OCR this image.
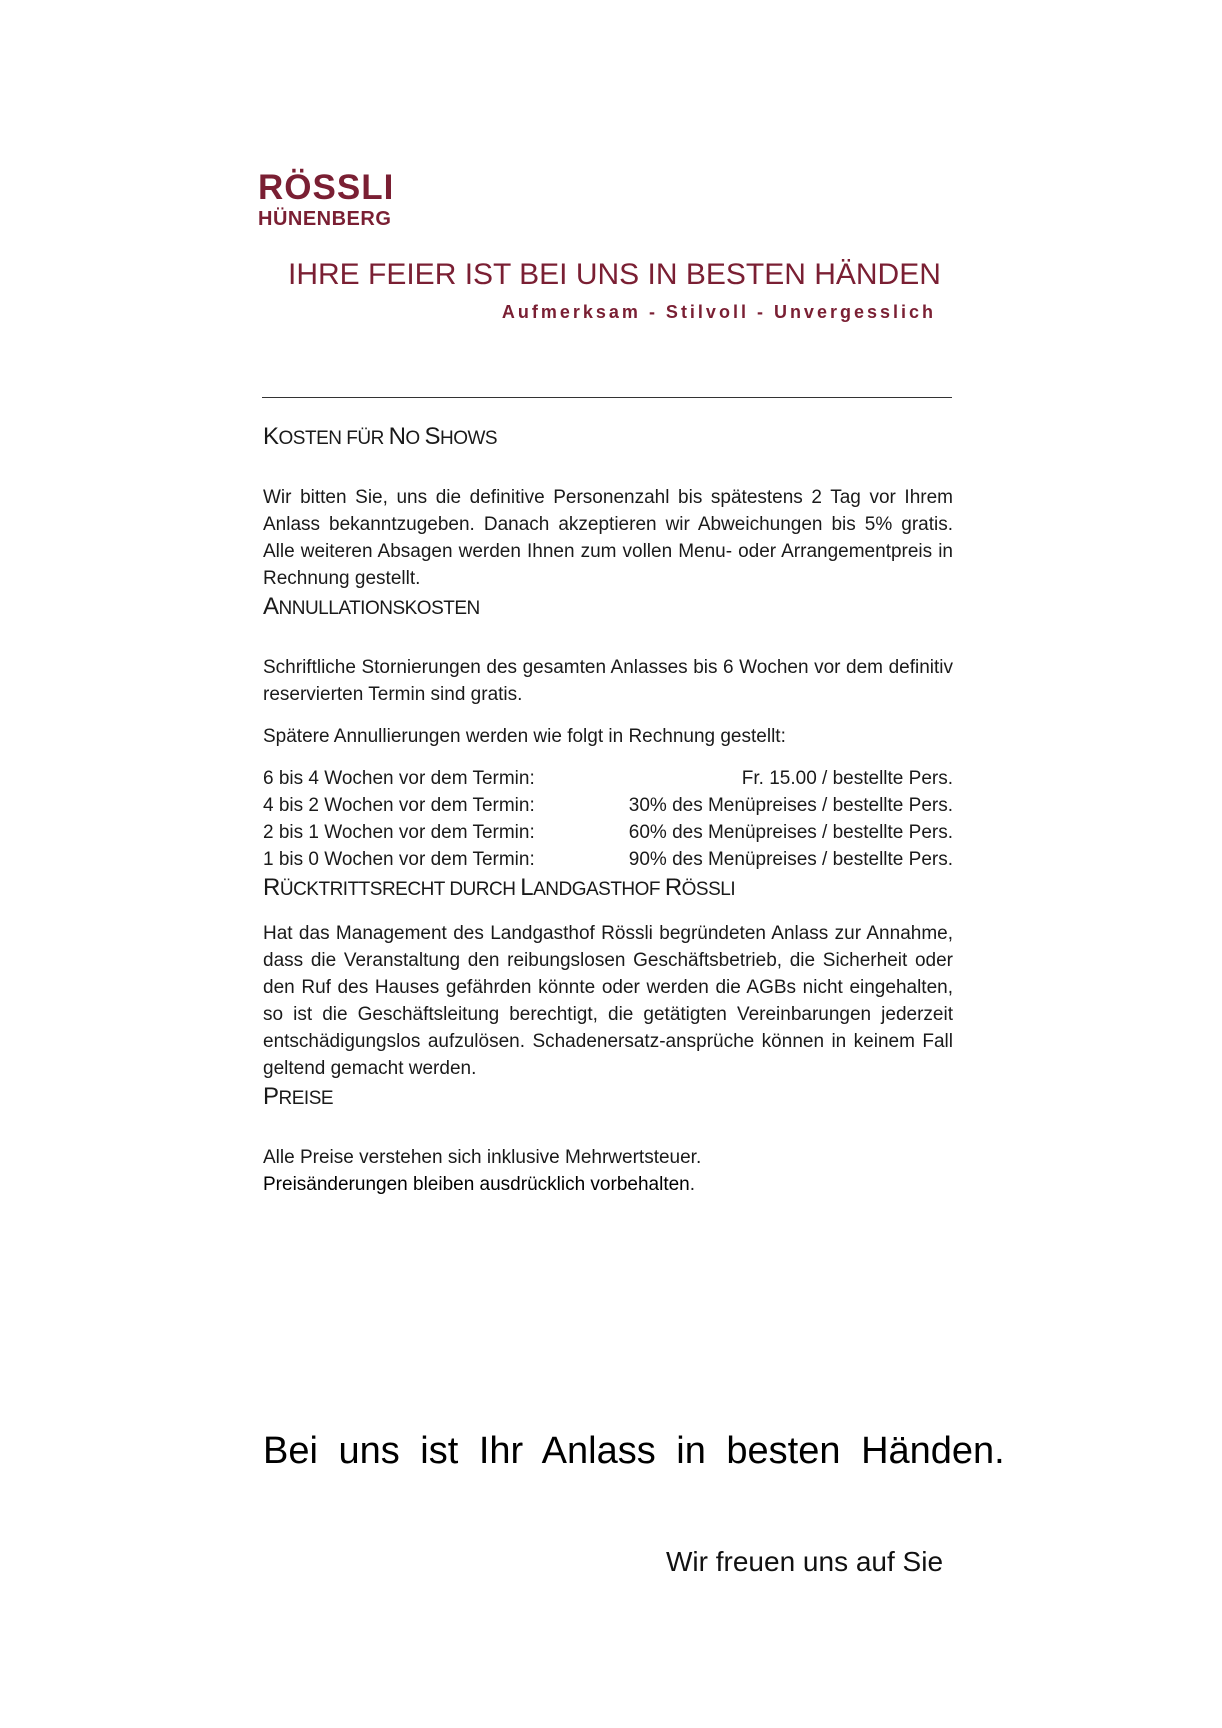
RÖSSLI
HÜNENBERG
IHRE FEIER IST BEI UNS IN BESTEN HÄNDEN
Aufmerksam - Stilvoll - Unvergesslich
KOSTEN FÜR NO SHOWS

Wir bitten Sie, uns die definitive Personenzahl bis spätestens 2 Tag vor Ihrem Anlass bekanntzugeben. Danach akzeptieren wir Abweichungen bis 5% gratis. Alle weiteren Absagen werden Ihnen zum vollen Menu- oder Arrangementpreis in Rechnung gestellt.

ANNULLATIONSKOSTEN

Schriftliche Stornierungen des gesamten Anlasses bis 6 Wochen vor dem definitiv reservierten Termin sind gratis.

Spätere Annullierungen werden wie folgt in Rechnung gestellt:

6 bis 4 Wochen vor dem Termin:	Fr. 15.00 / bestellte Pers.
4 bis 2 Wochen vor dem Termin:	30% des Menüpreises / bestellte Pers.
2 bis 1 Wochen vor dem Termin:	60% des Menüpreises / bestellte Pers.
1 bis 0 Wochen vor dem Termin:	90% des Menüpreises / bestellte Pers.
RÜCKTRITTSRECHT DURCH LANDGASTHOF RÖSSLI

Hat das Management des Landgasthof Rössli begründeten Anlass zur Annahme, dass die Veranstaltung den reibungslosen Geschäftsbetrieb, die Sicherheit oder den Ruf des Hauses gefährden könnte oder werden die AGBs nicht eingehalten, so ist die Geschäftsleitung berechtigt, die getätigten Vereinbarungen jederzeit entschädigungslos aufzulösen. Schadenersatz-ansprüche können in keinem Fall geltend gemacht werden.

PREISE

Alle Preise verstehen sich inklusive Mehrwertsteuer.

Preisänderungen bleiben ausdrücklich vorbehalten.

Bei uns ist Ihr Anlass in besten Händen.
Wir freuen uns auf Sie
